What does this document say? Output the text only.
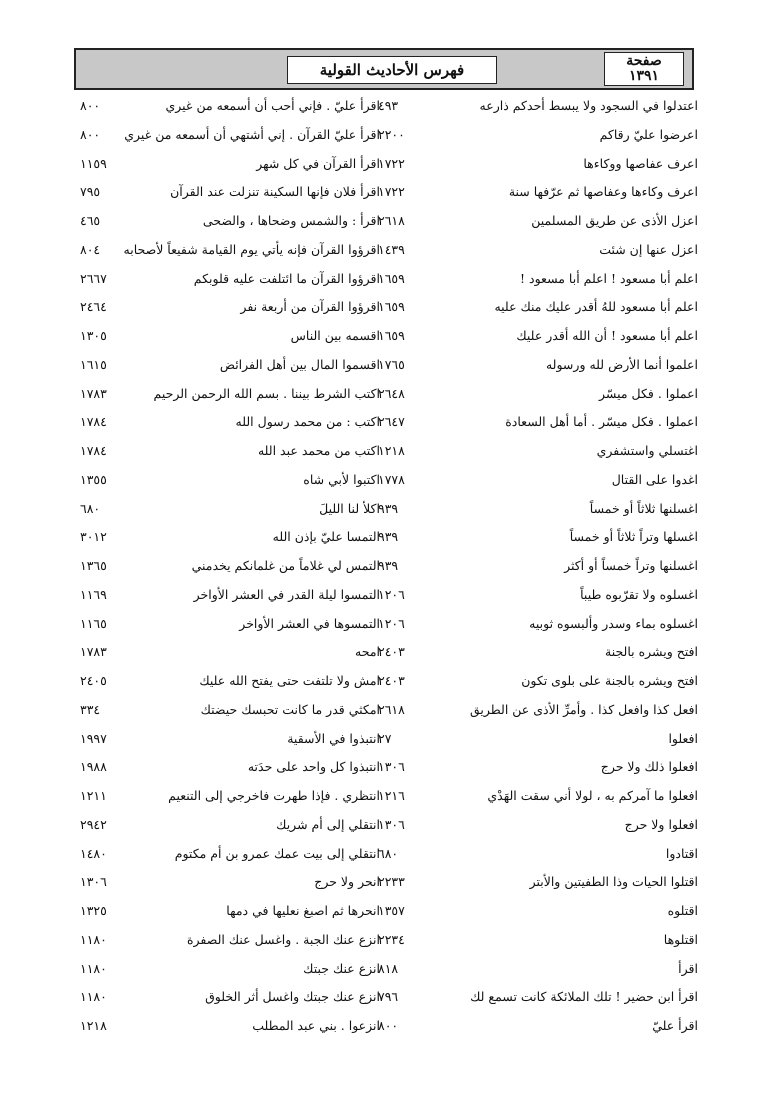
صفحة
١٣٩١
فهرس الأحاديث القولية
اعتدلوا في السجود ولا يبسط أحدكم ذارعه
٤٩٣
اقرأ عليّ . فإني أحب أن أسمعه من غيري
٨٠٠
اعرضوا عليّ رقاكم
٢٢٠٠
اقرأ عليّ القرآن . إني أشتهي أن أسمعه من غيري
٨٠٠
اعرف عفاصها ووكاءها
١٧٢٢
اقرأ القرآن في كل شهر
١١٥٩
اعرف وكاءها وعفاصها ثم عرّفها سنة
١٧٢٢
اقرأ فلان فإنها السكينة تنزلت عند القرآن
٧٩٥
اعزل الأذى عن طريق المسلمين
٢٦١٨
اقرأ : والشمس وضحاها ، والضحى
٤٦٥
اعزل عنها إن شئت
١٤٣٩
اقرؤوا القرآن فإنه يأتي يوم القيامة شفيعاً لأصحابه
٨٠٤
اعلم أبا مسعود ! اعلم أبا مسعود !
١٦٥٩
اقرؤوا القرآن ما ائتلفت عليه قلوبكم
٢٦٦٧
اعلم أبا مسعود للهُ أقدر عليك منك عليه
١٦٥٩
اقرؤوا القرآن من أربعة نفر
٢٤٦٤
اعلم أبا مسعود ! أن الله أقدر عليك
١٦٥٩
اقسمه بين الناس
١٣٠٥
اعلموا أنما الأرض لله ورسوله
١٧٦٥
اقسموا المال بين أهل الفرائض
١٦١٥
اعملوا . فكل ميسّر
٢٦٤٨
اكتب الشرط بيننا . بسم الله الرحمن الرحيم
١٧٨٣
اعملوا . فكل ميسّر . أما أهل السعادة
٢٦٤٧
اكتب : من محمد رسول الله
١٧٨٤
اغتسلي واستشفري
١٢١٨
اكتب من محمد عبد الله
١٧٨٤
اغدوا على القتال
١٧٧٨
اكتبوا لأبي شاه
١٣٥٥
اغسلنها ثلاثاً أو خمساً
٩٣٩
اكلأ لنا الليلَ
٦٨٠
اغسلها وتراً ثلاثاً أو خمساً
٩٣٩
التمسا عليّ بإذن الله
٣٠١٢
اغسلنها وتراً خمساً أو أكثر
٩٣٩
التمس لي غلاماً من غلمانكم يخدمني
١٣٦٥
اغسلوه ولا تقرّبوه طيباً
١٢٠٦
التمسوا ليلة القدر في العشر الأواخر
١١٦٩
اغسلوه بماء وسدر وألبسوه ثوبيه
١٢٠٦
التمسوها في العشر الأواخر
١١٦٥
افتح ويشره بالجنة
٢٤٠٣
امحه
١٧٨٣
افتح ويشره بالجنة على بلوى تكون
٢٤٠٣
امش ولا تلتفت حتى يفتح الله عليك
٢٤٠٥
افعل كذا وافعل كذا . وأمرِّ الأذى عن الطريق
٢٦١٨
امكثي قدر ما كانت تحبسك حيضتك
٣٣٤
افعلوا
٢٧
انتبذوا في الأسقية
١٩٩٧
افعلوا ذلك ولا حرج
١٣٠٦
انتبذوا كل واحد على حدَته
١٩٨٨
افعلوا ما آمركم به ، لولا أني سقت الهَدْي
١٢١٦
انتظري . فإذا طهرت فاخرجي إلى التنعيم
١٢١١
افعلوا ولا حرج
١٣٠٦
انتقلي إلى أم شريك
٢٩٤٢
اقتادوا
٦٨٠
انتقلي إلى بيت عمك عمرو بن أم مكتوم
١٤٨٠
اقتلوا الحيات وذا الطفيتين والأبتر
٢٢٣٣
انحر ولا حرج
١٣٠٦
اقتلوه
١٣٥٧
انحرها ثم اصبغ نعليها في دمها
١٣٢٥
اقتلوها
٢٢٣٤
انزع عنك الجبة . واغسل عنك الصفرة
١١٨٠
اقرأ
٨١٨
انزع عنك جبتك
١١٨٠
اقرأ ابن حضير ! تلك الملائكة كانت تسمع لك
٧٩٦
انزع عنك جبتك واغسل أثر الخلوق
١١٨٠
اقرأ عليّ
٨٠٠
انزعوا . بني عبد المطلب
١٢١٨
